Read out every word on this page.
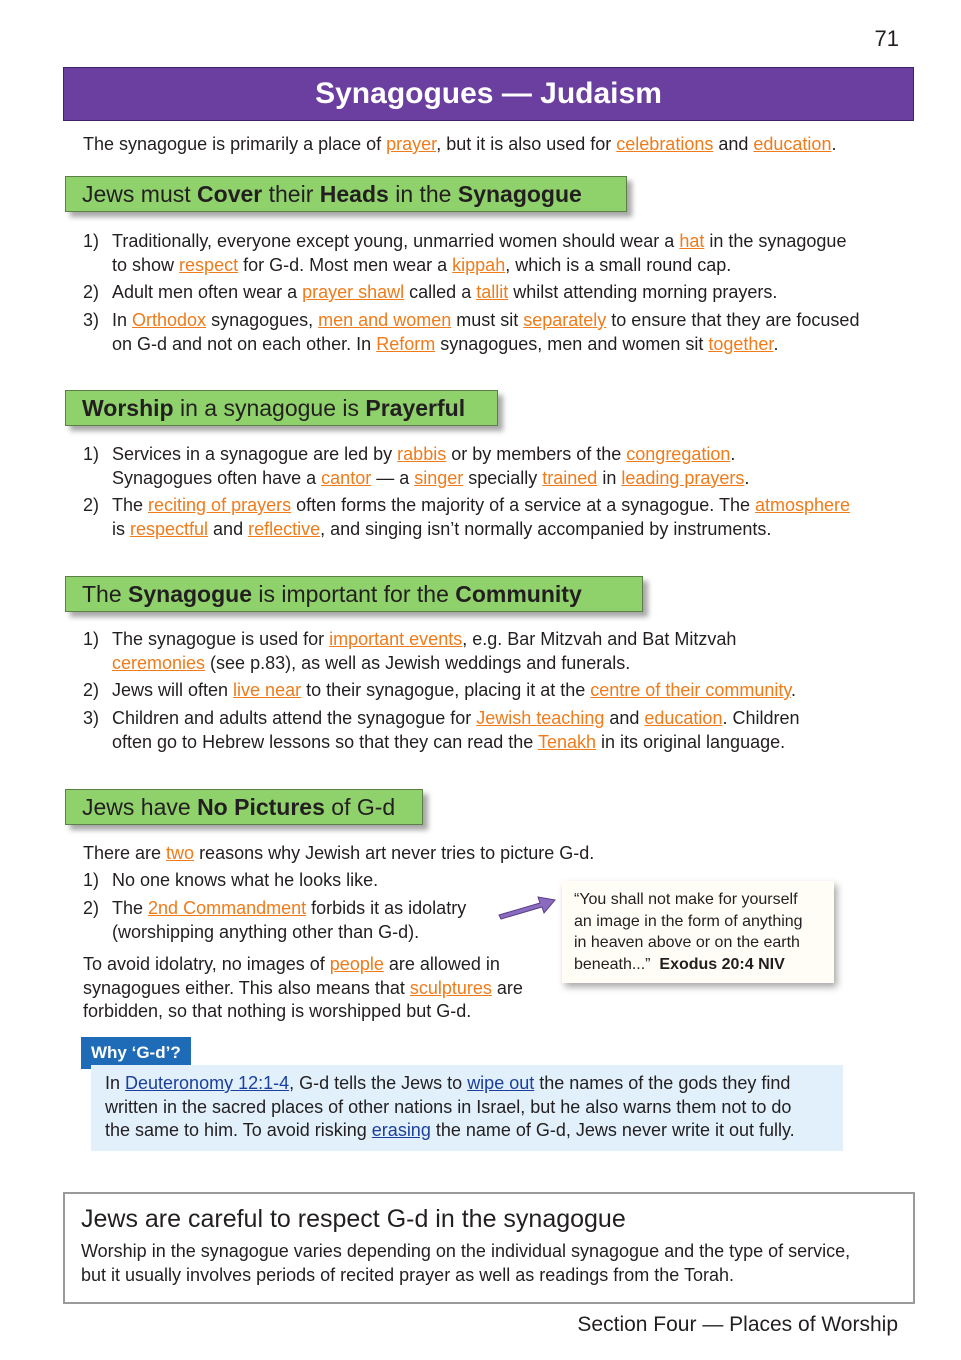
71
Synagogues — Judaism
The synagogue is primarily a place of prayer, but it is also used for celebrations and education.
Jews must Cover their Heads in the Synagogue
1) Traditionally, everyone except young, unmarried women should wear a hat in the synagogue
to show respect for G-d. Most men wear a kippah, which is a small round cap.
2) Adult men often wear a prayer shawl called a tallit whilst attending morning prayers.
3) In Orthodox synagogues, men and women must sit separately to ensure that they are focused
on G-d and not on each other. In Reform synagogues, men and women sit together.
Worship in a synagogue is Prayerful
1) Services in a synagogue are led by rabbis or by members of the congregation.
Synagogues often have a cantor — a singer specially trained in leading prayers.
2) The reciting of prayers often forms the majority of a service at a synagogue. The atmosphere
is respectful and reflective, and singing isn’t normally accompanied by instruments.
The Synagogue is important for the Community
1) The synagogue is used for important events, e.g. Bar Mitzvah and Bat Mitzvah
ceremonies (see p.83), as well as Jewish weddings and funerals.
2) Jews will often live near to their synagogue, placing it at the centre of their community.
3) Children and adults attend the synagogue for Jewish teaching and education. Children
often go to Hebrew lessons so that they can read the Tenakh in its original language.
Jews have No Pictures of G-d
There are two reasons why Jewish art never tries to picture G-d.
1) No one knows what he looks like.
2) The 2nd Commandment forbids it as idolatry
(worshipping anything other than G-d).
To avoid idolatry, no images of people are allowed in
synagogues either. This also means that sculptures are
forbidden, so that nothing is worshipped but G-d.
“You shall not make for yourself
an image in the form of anything
in heaven above or on the earth
beneath...” Exodus 20:4 NIV
Why ‘G-d’?
In Deuteronomy 12:1-4, G-d tells the Jews to wipe out the names of the gods they find
written in the sacred places of other nations in Israel, but he also warns them not to do
the same to him. To avoid risking erasing the name of G-d, Jews never write it out fully.
Jews are careful to respect G-d in the synagogue
Worship in the synagogue varies depending on the individual synagogue and the type of service,
but it usually involves periods of recited prayer as well as readings from the Torah.
Section Four — Places of Worship
